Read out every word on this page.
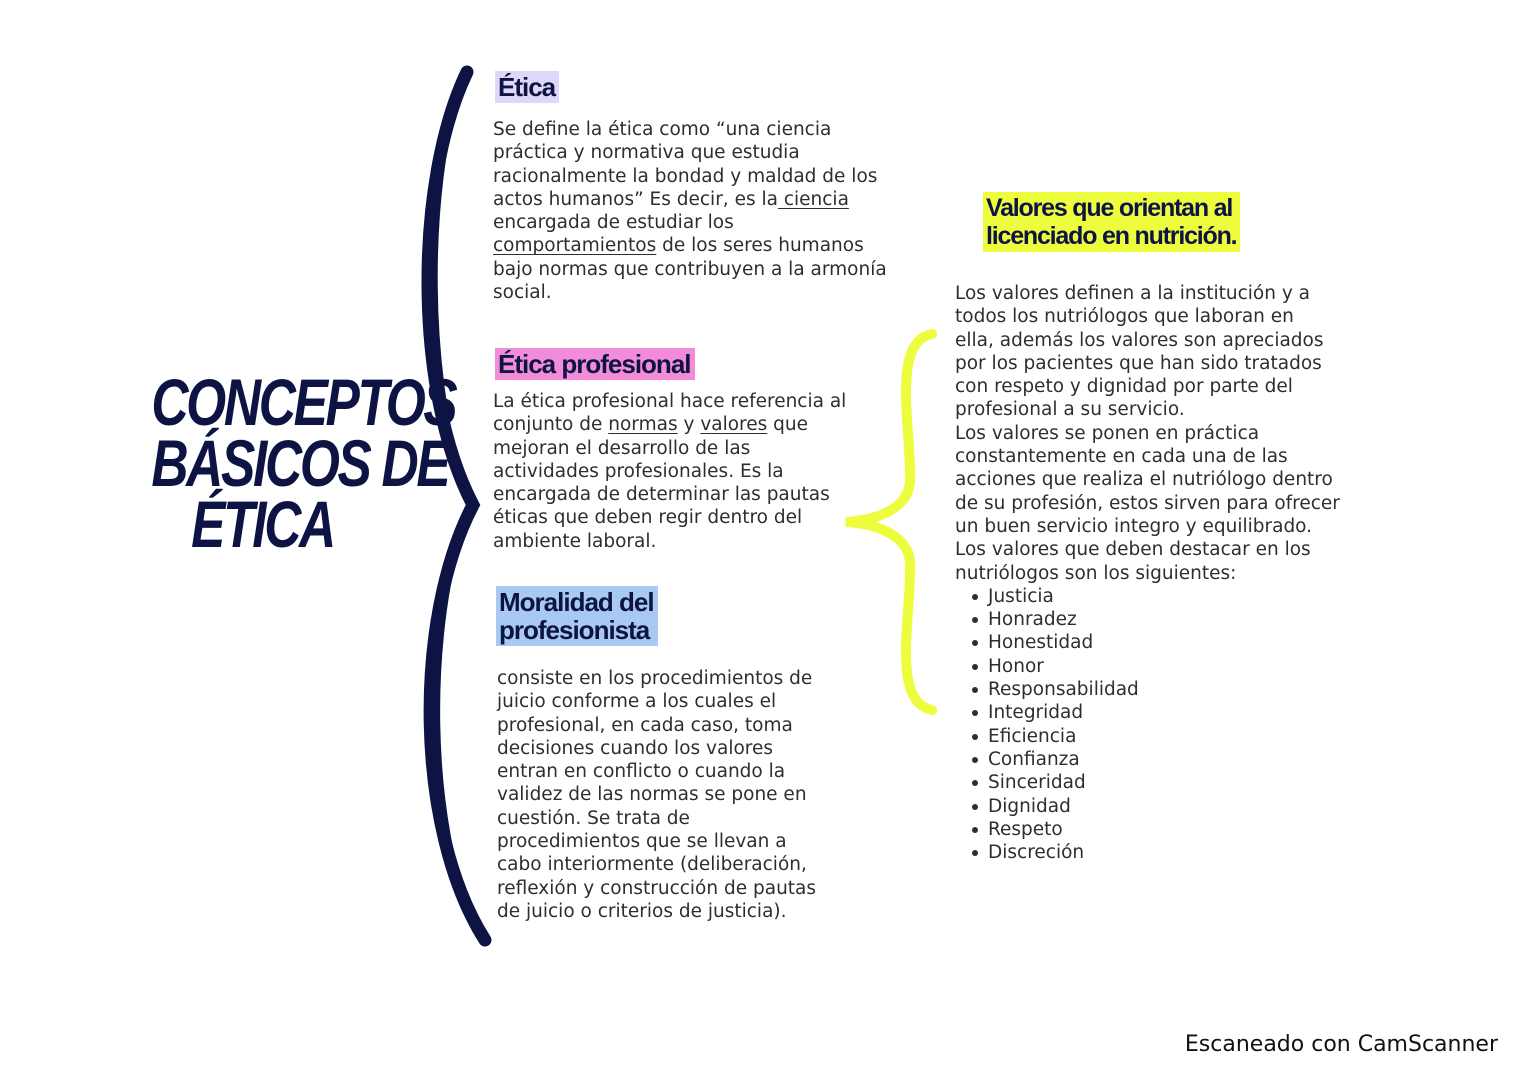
CONCEPTOS
BÁSICOS DE
ÉTICA
Ética
Se define la ética como “una ciencia
práctica y normativa que estudia
racionalmente la bondad y maldad de los
actos humanos” Es decir, es la ciencia
encargada de estudiar los
comportamientos de los seres humanos
bajo normas que contribuyen a la armonía
social.
Ética profesional
La ética profesional hace referencia al
conjunto de normas y valores que
mejoran el desarrollo de las
actividades profesionales. Es la
encargada de determinar las pautas
éticas que deben regir dentro del
ambiente laboral.
Moralidad del
profesionista
consiste en los procedimientos de
juicio conforme a los cuales el
profesional, en cada caso, toma
decisiones cuando los valores
entran en conflicto o cuando la
validez de las normas se pone en
cuestión. Se trata de
procedimientos que se llevan a
cabo interiormente (deliberación,
reflexión y construcción de pautas
de juicio o criterios de justicia).
Valores que orientan al
licenciado en nutrición.
Los valores definen a la institución y a
todos los nutriólogos que laboran en
ella, además los valores son apreciados
por los pacientes que han sido tratados
con respeto y dignidad por parte del
profesional a su servicio.
Los valores se ponen en práctica
constantemente en cada una de las
acciones que realiza el nutriólogo dentro
de su profesión, estos sirven para ofrecer
un buen servicio integro y equilibrado.
Los valores que deben destacar en los
nutriólogos son los siguientes:
Justicia
Honradez
Honestidad
Honor
Responsabilidad
Integridad
Eficiencia
Confianza
Sinceridad
Dignidad
Respeto
Discreción
Escaneado con CamScanner
